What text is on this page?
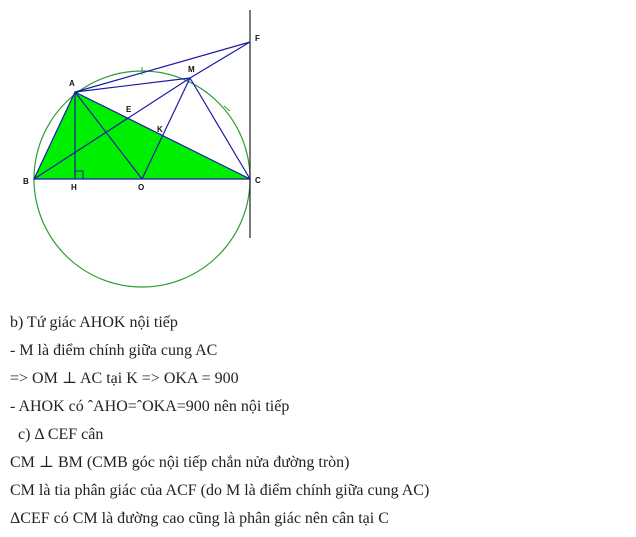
A
B	C
E
F
H
K
M
O
b) Tứ giác AHOK nội tiếp
- M là điểm chính giữa cung AC
=> OM ⊥ AC tại K => OKA = 900
- AHOK có ˆAHO=ˆOKA=900 nên nội tiếp
c) Δ CEF cân
CM ⊥ BM (CMB góc nội tiếp chắn nửa đường tròn)
CM là tia phân giác của ACF (do M là điểm chính giữa cung AC)
ΔCEF có CM là đường cao cũng là phân giác nên cân tại C
